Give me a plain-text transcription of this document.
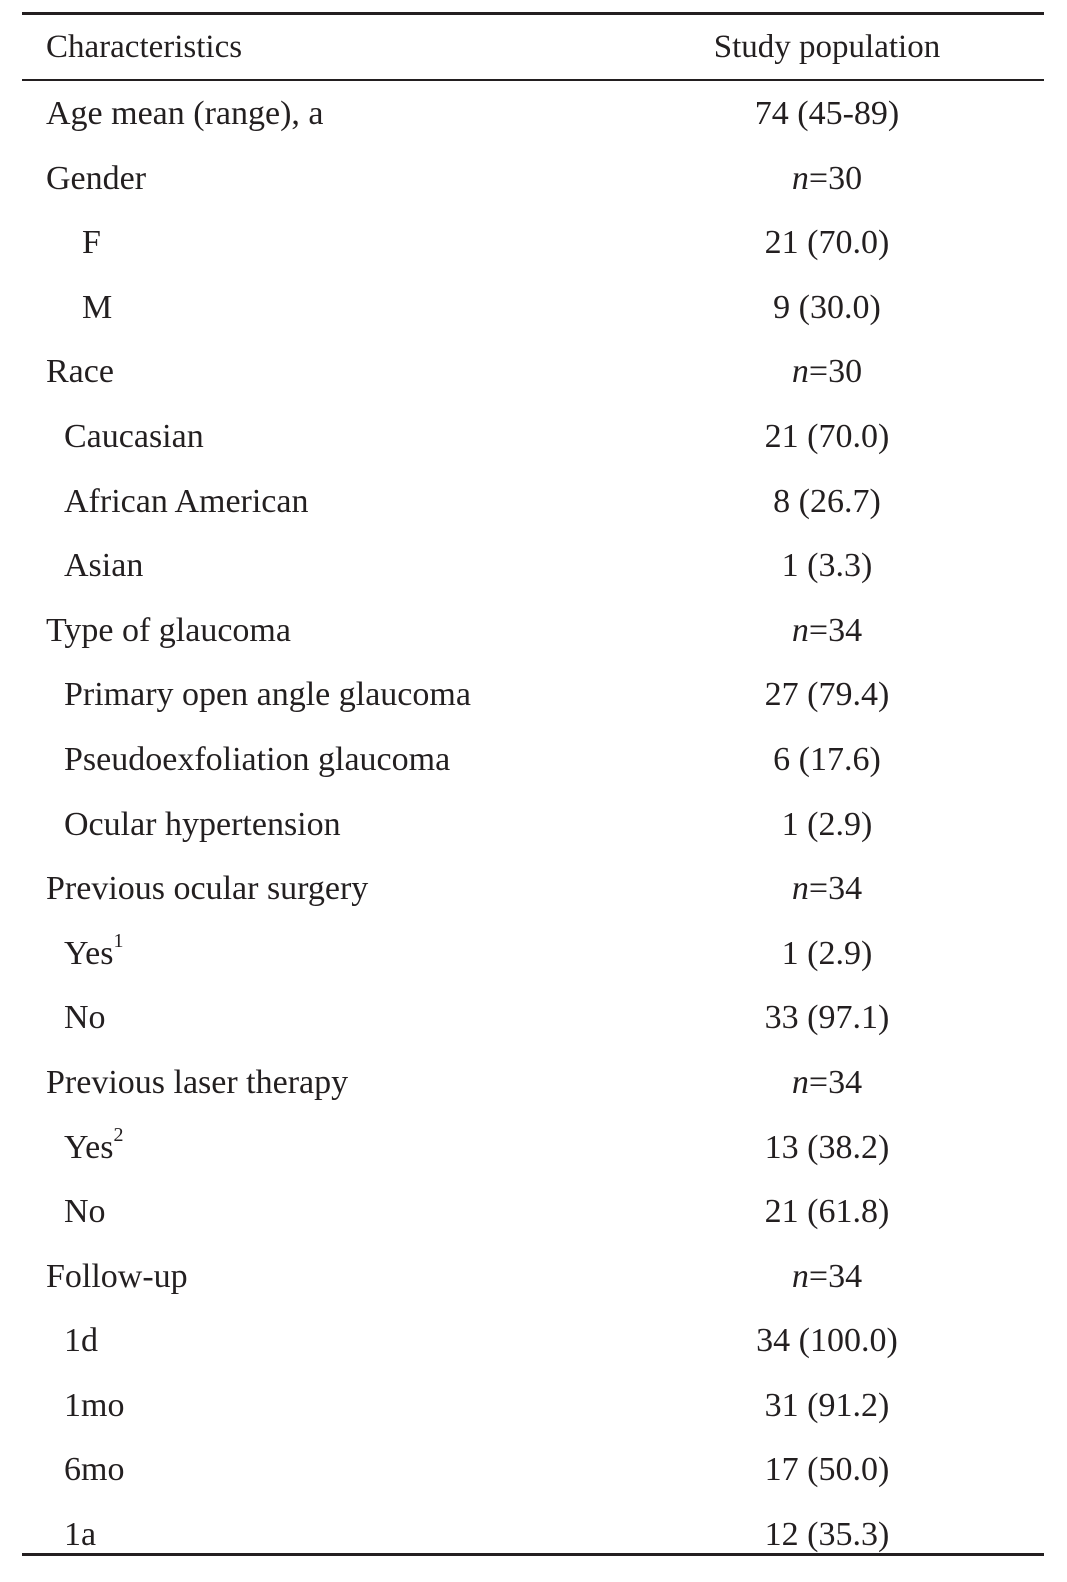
Characteristics	Study population
Age mean (range), a	74 (45-89)
Gender	n=30
F	21 (70.0)
M	9 (30.0)
Race	n=30
Caucasian	21 (70.0)
African American	8 (26.7)
Asian	1 (3.3)
Type of glaucoma	n=34
Primary open angle glaucoma	27 (79.4)
Pseudoexfoliation glaucoma	6 (17.6)
Ocular hypertension	1 (2.9)
Previous ocular surgery	n=34
Yes$^1$	1 (2.9)
No	33 (97.1)
Previous laser therapy	n=34
Yes$^2$	13 (38.2)
No	21 (61.8)
Follow-up	n=34
1d	34 (100.0)
1mo	31 (91.2)
6mo	17 (50.0)
1a	12 (35.3)
